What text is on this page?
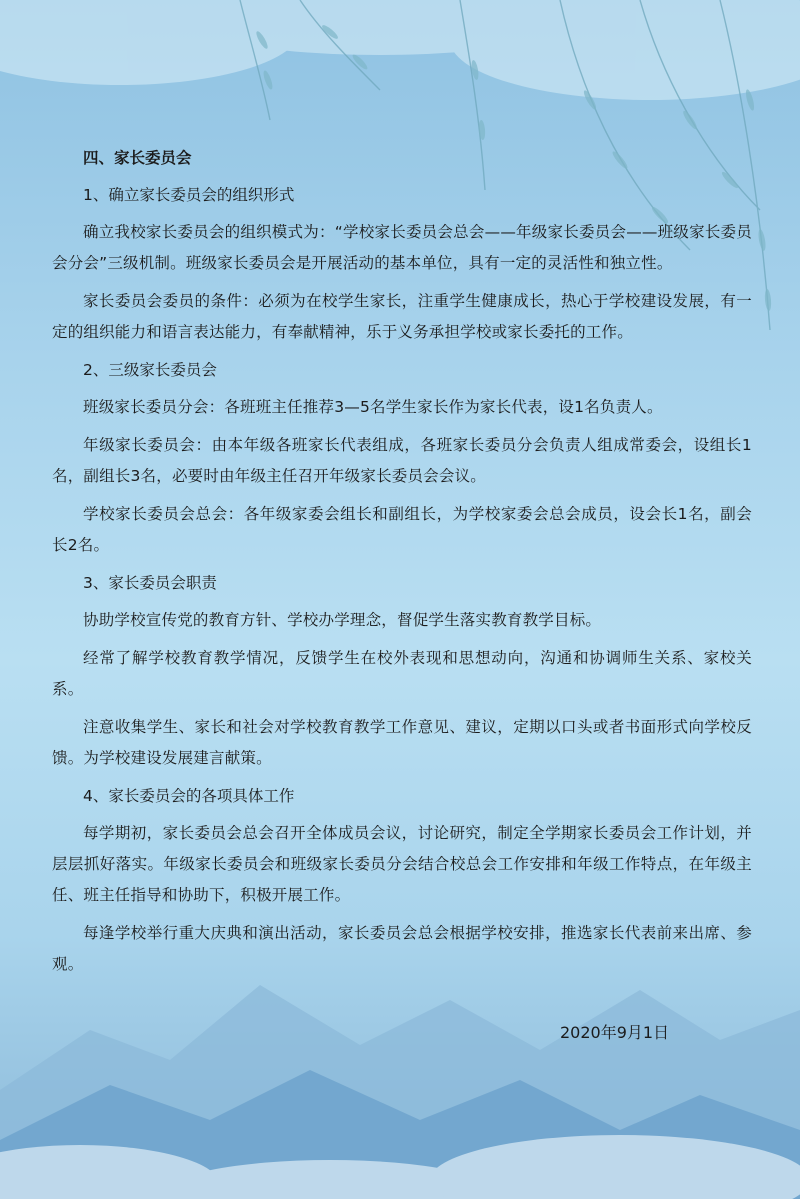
四、家长委员会
1、确立家长委员会的组织形式

确立我校家长委员会的组织模式为：“学校家长委员会总会——年级家长委员会——班级家长委员会分会”三级机制。班级家长委员会是开展活动的基本单位，具有一定的灵活性和独立性。

家长委员会委员的条件：必须为在校学生家长，注重学生健康成长，热心于学校建设发展，有一定的组织能力和语言表达能力，有奉献精神，乐于义务承担学校或家长委托的工作。

2、三级家长委员会

班级家长委员分会：各班班主任推荐3—5名学生家长作为家长代表，设1名负责人。

年级家长委员会：由本年级各班家长代表组成，各班家长委员分会负责人组成常委会，设组长1名，副组长3名，必要时由年级主任召开年级家长委员会会议。

学校家长委员会总会：各年级家委会组长和副组长，为学校家委会总会成员，设会长1名，副会长2名。

3、家长委员会职责

协助学校宣传党的教育方针、学校办学理念，督促学生落实教育教学目标。

经常了解学校教育教学情况，反馈学生在校外表现和思想动向，沟通和协调师生关系、家校关系。

注意收集学生、家长和社会对学校教育教学工作意见、建议，定期以口头或者书面形式向学校反馈。为学校建设发展建言献策。

4、家长委员会的各项具体工作

每学期初，家长委员会总会召开全体成员会议，讨论研究，制定全学期家长委员会工作计划，并层层抓好落实。年级家长委员会和班级家长委员分会结合校总会工作安排和年级工作特点，在年级主任、班主任指导和协助下，积极开展工作。

每逢学校举行重大庆典和演出活动，家长委员会总会根据学校安排，推选家长代表前来出席、参观。

2020年9月1日
